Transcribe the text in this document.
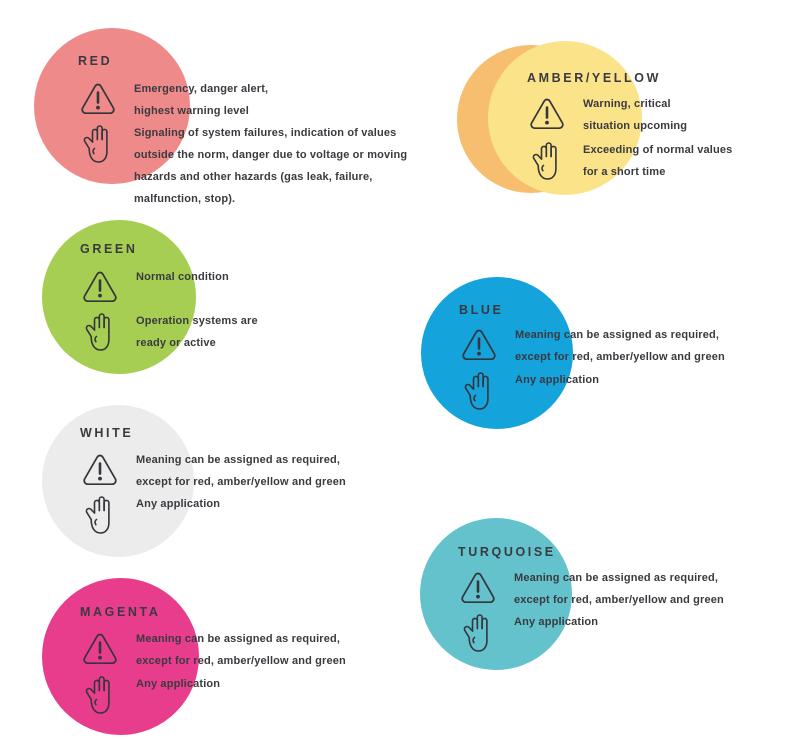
RED
Emergency, danger alert,
highest warning level
Signaling of system failures, indication of values
outside the norm, danger due to voltage or moving
hazards and other hazards (gas leak, failure,
malfunction, stop).
AMBER/YELLOW
Warning, critical
situation upcoming
Exceeding of normal values
for a short time
GREEN
Normal condition
Operation systems are
ready or active
BLUE
Meaning can be assigned as required,
except for red, amber/yellow and green
Any application
WHITE
Meaning can be assigned as required,
except for red, amber/yellow and green
Any application
TURQUOISE
Meaning can be assigned as required,
except for red, amber/yellow and green
Any application
MAGENTA
Meaning can be assigned as required,
except for red, amber/yellow and green
Any application
